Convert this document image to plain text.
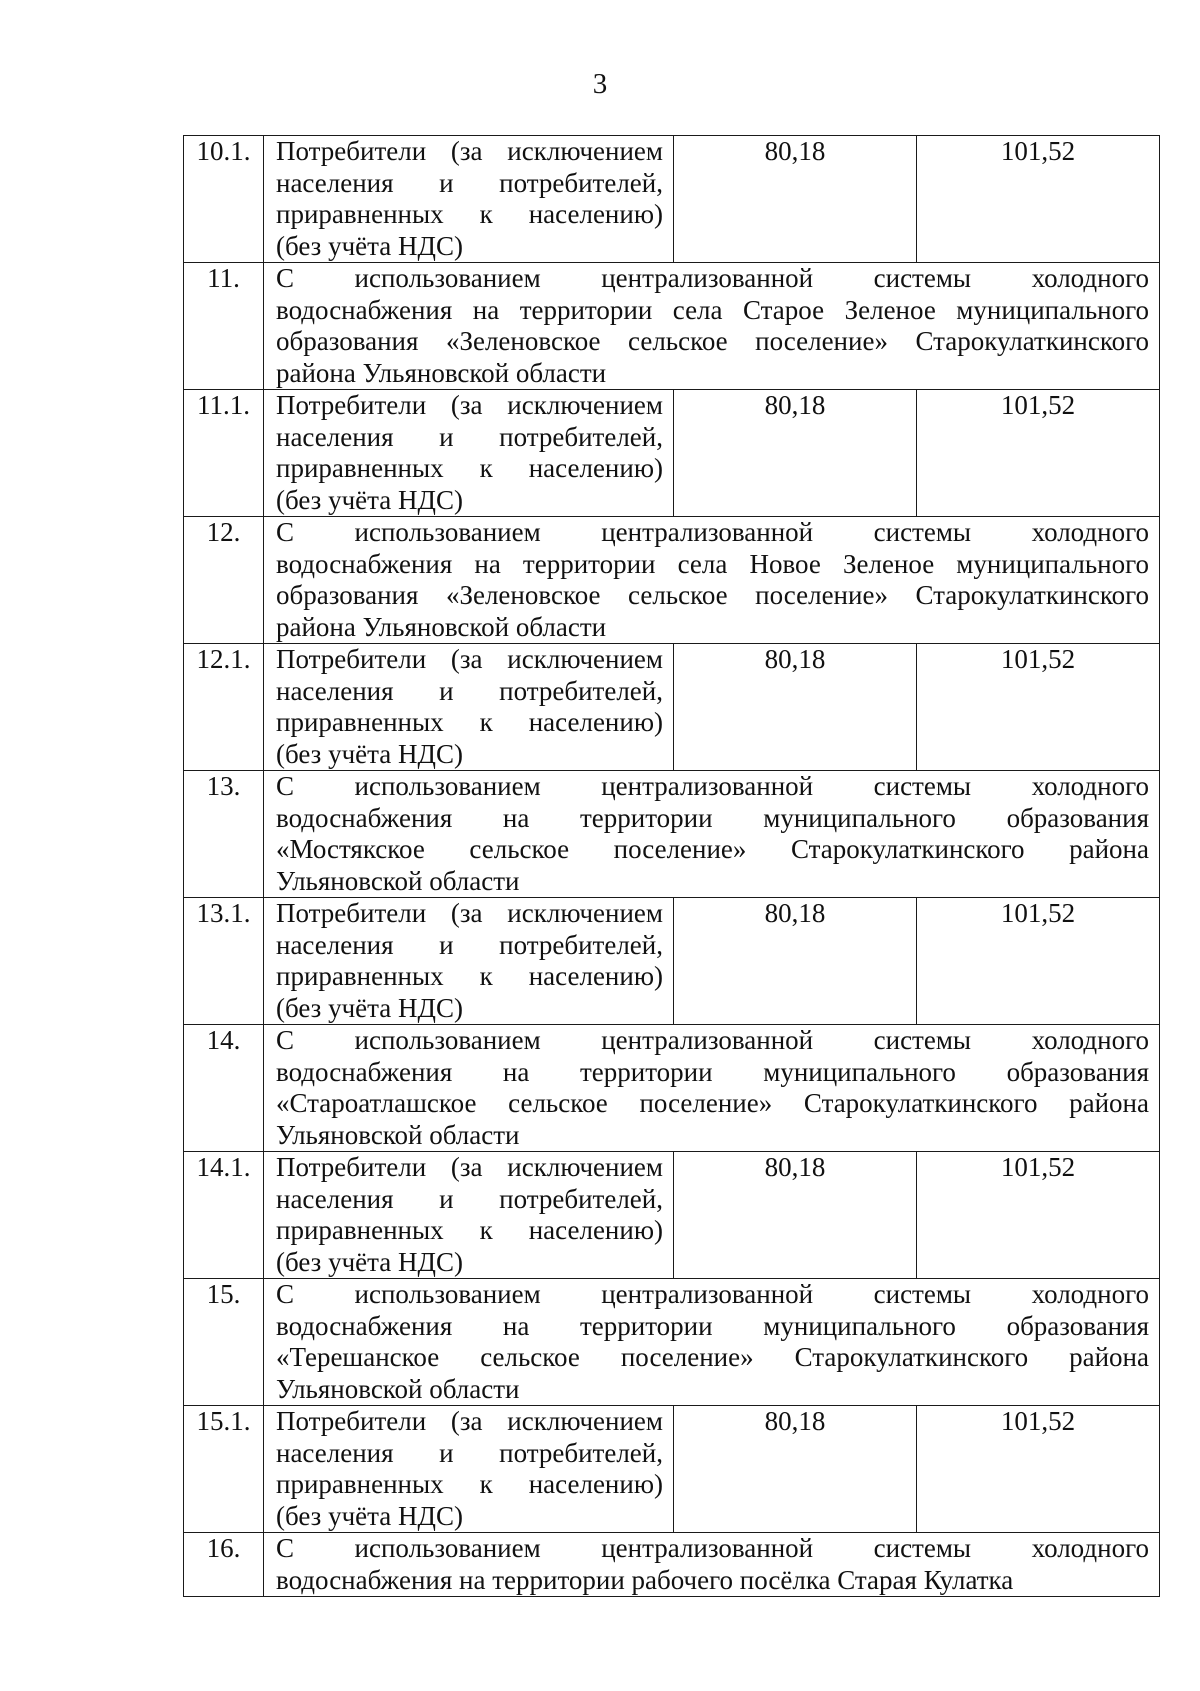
3
10.1.	Потребители (за исключением
населения и потребителей,
приравненных к населению)
(без учёта НДС)	80,18	101,52
11.	С использованием централизованной системы холодного
водоснабжения на территории села Старое Зеленое муниципального
образования «Зеленовское сельское поселение» Старокулаткинского
района Ульяновской области		

11.1.	Потребители (за исключением
населения и потребителей,
приравненных к населению)
(без учёта НДС)	80,18	101,52
12.	С использованием централизованной системы холодного
водоснабжения на территории села Новое Зеленое муниципального
образования «Зеленовское сельское поселение» Старокулаткинского
района Ульяновской области		

12.1.	Потребители (за исключением
населения и потребителей,
приравненных к населению)
(без учёта НДС)	80,18	101,52
13.	С использованием централизованной системы холодного
водоснабжения на территории муниципального образования
«Мостякское сельское поселение» Старокулаткинского района
Ульяновской области		

13.1.	Потребители (за исключением
населения и потребителей,
приравненных к населению)
(без учёта НДС)	80,18	101,52
14.	С использованием централизованной системы холодного
водоснабжения на территории муниципального образования
«Староатлашское сельское поселение» Старокулаткинского района
Ульяновской области		

14.1.	Потребители (за исключением
населения и потребителей,
приравненных к населению)
(без учёта НДС)	80,18	101,52
15.	С использованием централизованной системы холодного
водоснабжения на территории муниципального образования
«Терешанское сельское поселение» Старокулаткинского района
Ульяновской области		

15.1.	Потребители (за исключением
населения и потребителей,
приравненных к населению)
(без учёта НДС)	80,18	101,52
16.	С использованием централизованной системы холодного
водоснабжения на территории рабочего посёлка Старая Кулатка		
